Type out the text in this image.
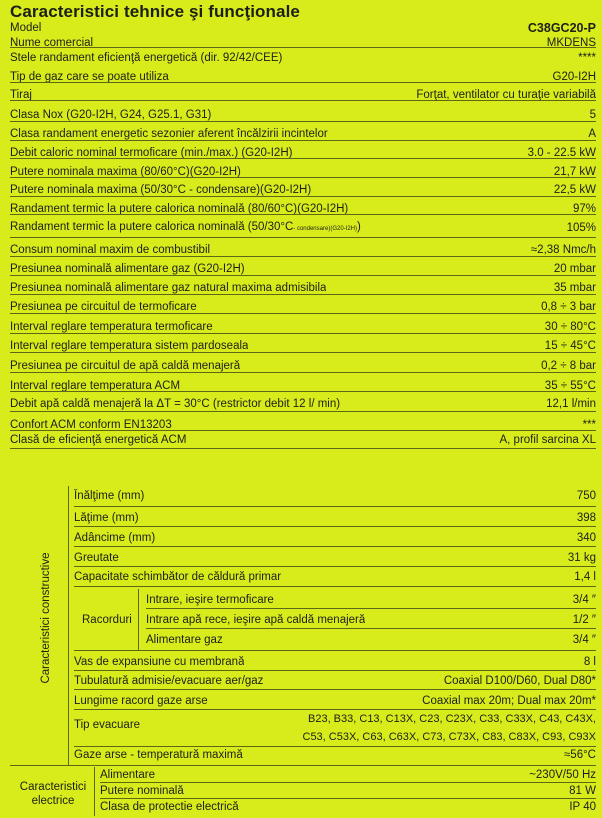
Caracteristici tehnice şi funcţionale
Model	C38GC20-P
Nume comercial	MKDENS
Stele randament eficienţă energetică (dir. 92/42/CEE)	****
Tip de gaz care se poate utiliza	G20-I2H
Tiraj	Forţat, ventilator cu turaţie variabilă
Clasa Nox (G20-I2H, G24, G25.1, G31)	5
Clasa randament energetic sezonier aferent încălzirii incintelor	A
Debit caloric nominal termoficare (min./max.) (G20-I2H)	3.0 - 22.5 kW
Putere nominala maxima (80/60°C)(G20-I2H)	21,7 kW
Putere nominala maxima (50/30°C - condensare)(G20-I2H)	22,5 kW
Randament termic la putere calorica nominală (80/60°C)(G20-I2H)	97%
Randament termic la putere calorica nominală (50/30°C- condensare)(G20-I2H))	105%
Consum nominal maxim de combustibil	≈2,38 Nmc/h
Presiunea nominală alimentare gaz (G20-I2H)	20 mbar
Presiunea nominală alimentare gaz natural maxima admisibila	35 mbar
Presiunea pe circuitul de termoficare	0,8 ÷ 3 bar
Interval reglare temperatura termoficare	30 ÷ 80°C
Interval reglare temperatura sistem pardoseala	15 ÷ 45°C
Presiunea pe circuitul de apă caldă menajeră	0,2 ÷ 8 bar
Interval reglare temperatura ACM	35 ÷ 55°C
Debit apă caldă menajeră la ΔT = 30°C (restrictor debit 12 l/ min)	12,1 l/min
Confort ACM conform EN13203	***
Clasă de eficienţă energetică ACM	A, profil sarcina XL
Caracteristici constructive
Înălţime (mm)	750
Lăţime (mm)	398
Adâncime (mm)	340
Greutate	31 kg
Capacitate schimbător de căldură primar	1,4 l
Racorduri
Intrare, ieşire termoficare	3/4 ″
Intrare apă rece, ieşire apă caldă menajeră	1/2 ″
Alimentare gaz	3/4 ″
Vas de expansiune cu membrană	8 l
Tubulatură admisie/evacuare aer/gaz	Coaxial D100/D60, Dual D80*
Lungime racord gaze arse	Coaxial max 20m; Dual max 20m*
Tip evacuare	B23, B33, C13, C13X, C23, C23X, C33, C33X, C43, C43X,
C53, C53X, C63, C63X, C73, C73X, C83, C83X, C93, C93X
Gaze arse - temperatură maximă	≈56°C
Caracteristici
electrice
Alimentare	~230V/50 Hz
Putere nominală	81 W
Clasa de protectie electrică	IP 40
